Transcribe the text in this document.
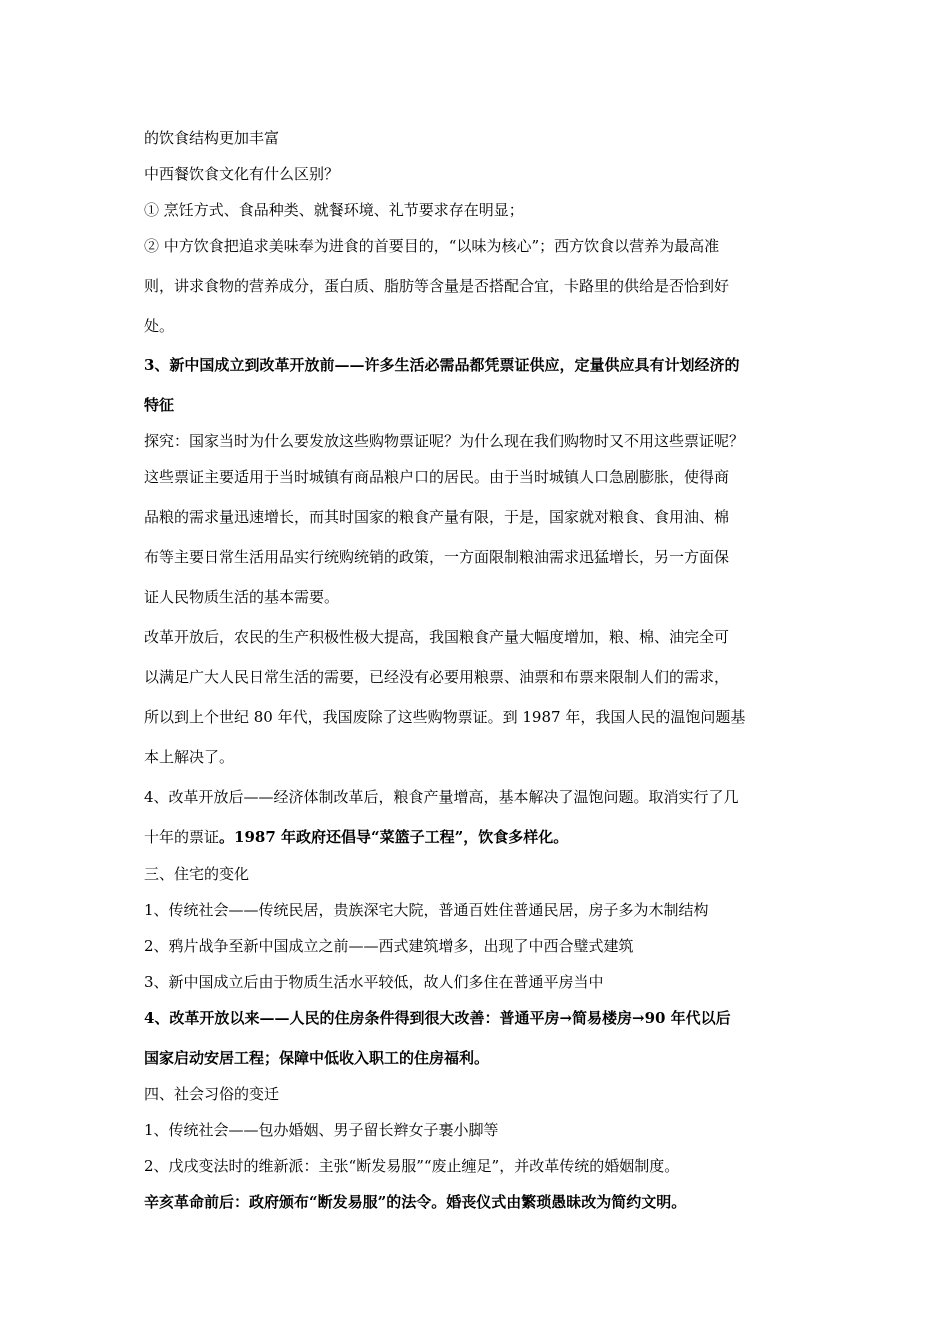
的饮食结构更加丰富
中西餐饮食文化有什么区别？
① 烹饪方式、食品种类、就餐环境、礼节要求存在明显；
② 中方饮食把追求美味奉为进食的首要目的，“以味为核心”；西方饮食以营养为最高准
则，讲求食物的营养成分，蛋白质、脂肪等含量是否搭配合宜，卡路里的供给是否恰到好
处。
3、新中国成立到改革开放前——许多生活必需品都凭票证供应，定量供应具有计划经济的
特征
探究：国家当时为什么要发放这些购物票证呢？为什么现在我们购物时又不用这些票证呢？
这些票证主要适用于当时城镇有商品粮户口的居民。由于当时城镇人口急剧膨胀，使得商
品粮的需求量迅速增长，而其时国家的粮食产量有限，于是，国家就对粮食、食用油、棉
布等主要日常生活用品实行统购统销的政策，一方面限制粮油需求迅猛增长，另一方面保
证人民物质生活的基本需要。
改革开放后，农民的生产积极性极大提高，我国粮食产量大幅度增加，粮、棉、油完全可
以满足广大人民日常生活的需要，已经没有必要用粮票、油票和布票来限制人们的需求，
所以到上个世纪 80 年代，我国废除了这些购物票证。到 1987 年，我国人民的温饱问题基
本上解决了。
4、改革开放后——经济体制改革后，粮食产量增高，基本解决了温饱问题。取消实行了几
十年的票证。1987 年政府还倡导“菜篮子工程”，饮食多样化。
三、住宅的变化
1、传统社会——传统民居，贵族深宅大院，普通百姓住普通民居，房子多为木制结构
2、鸦片战争至新中国成立之前——西式建筑增多，出现了中西合璧式建筑
3、新中国成立后由于物质生活水平较低，故人们多住在普通平房当中
4、改革开放以来——人民的住房条件得到很大改善：普通平房→简易楼房→90 年代以后
国家启动安居工程；保障中低收入职工的住房福利。
四、社会习俗的变迁
1、传统社会——包办婚姻、男子留长辫女子裹小脚等
2、戊戌变法时的维新派：主张“断发易服”“废止缠足”，并改革传统的婚姻制度。
辛亥革命前后：政府颁布“断发易服”的法令。婚丧仪式由繁琐愚昧改为简约文明。
